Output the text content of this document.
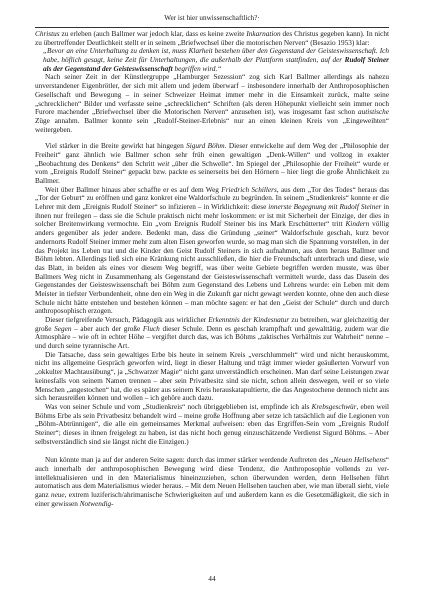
Wer ist hier unwissenschaftlich?·

Christus zu erleben (auch Ballmer war jedoch klar, dass es keine zweite Inkarnation des Christus gegeben kann). In nicht zu übertreffender Deutlichkeit stellt er in seinem „Briefwechsel über die motorischen Nerven“ (Besazio 1953) klar:

„Bevor an eine Unterhaltung zu denken ist, muss Klarheit bestehen über den Gegenstand der Geisteswissenschaft. Ich habe, höflich gesagt, keine Zeit für Unterhaltungen, die außerhalb der Plattform stattfinden, auf der Rudolf Steiner als der Gegenstand der Geisteswissenschaft begriffen wird.“

Nach seiner Zeit in der Künstlergruppe „Hamburger Sezession“ zog sich Karl Ballmer allerdings als nahezu unverstandener Eigenbrötler, der sich mit allem und jedem überwarf – insbesondere innerhalb der Anthroposophischen Gesellschaft und Bewegung – in seiner Schweizer Heimat immer mehr in die Einsamkeit zurück, malte seine „schrecklichen“ Bilder und verfasste seine „schrecklichen“ Schriften (als deren Höhepunkt vielleicht sein immer noch Furore machender „Briefwechsel über die Motorischen Nerven“ anzusehen ist), was insgesamt fast schon autistische Züge annahm. Ballmer konnte sein „Rudolf-Steiner-Erlebnis“ nur an einen kleinen Kreis von „Eingeweihten“ weitergeben.

Viel stärker in die Breite gewirkt hat hingegen Sigurd Böhm. Dieser entwickelte auf dem Weg der „Philosophie der Freiheit“ ganz ähnlich wie Ballmer schon sehr früh einen gewaltigen „Denk-Willen“ und vollzog in exakter „Beobachtung des Denkens“ den Schritt weit „über die Schwelle“. Im Spiegel der „Philosophie der Freiheit“ wurde er vom „Ereignis Rudolf Steiner“ gepackt bzw. packte es seinerseits bei den Hörnern – hier liegt die große Ähnlichkeit zu Ballmer.

Weit über Ballmer hinaus aber schaffte er es auf dem Weg Friedrich Schillers, aus dem „Tor des Todes“ heraus das „Tor der Geburt“ zu eröffnen und ganz konkret eine Waldorfschule zu begründen. In seinem „Studienkreis“ konnte er die Lehrer mit dem „Ereignis Rudolf Steiner“ so infizieren – in Wirklichkeit: diese innerste Begegnung mit Rudolf Steiner in ihnen nur freilegen – dass sie die Schule praktisch nicht mehr loskommen: er ist mit Sicherheit der Einzige, der dies in solcher Breitenwirkung vermochte. Ein „vom Ereignis Rudolf Steiner bis ins Mark Erschütterter“ tritt Kindern völlig anders gegenüber als jeder andere. Bedenkt man, dass die Gründung „seiner“ Waldorfschule geschah, kurz bevor andernorts Rudolf Steiner immer mehr zum alten Eisen geworfen wurde, so mag man sich die Spannung vorstellen, in der das Projekt ins Leben trat und die Kinder den Geist Rudolf Steiners in sich aufnahmen, aus dem heraus Ballmer und Böhm lebten. Allerdings ließ sich eine Kränkung nicht ausschließen, die hier die Freundschaft unterbrach und diese, wie das Blatt, in beiden als eines vor diesem Weg begriff, was über weite Gebiete begriffen werden musste, was über Ballmers Weg nicht in Zusammenhang als Gegenstand der Geisteswissenschaft vermittelt wurde, dass das Dasein des Gegenstandes der Geisteswissenschaft bei Böhm zum Gegenstand des Lebens und Lehrens wurde: ein Leben mit dem Meister in tiefster Verbundenheit, ohne den ein Weg in die Zukunft gar nicht gewagt werden konnte, ohne den auch diese Schule nicht hätte entstehen und bestehen können – man möchte sagen: er hat den „Geist der Schule“ durch und durch anthroposophisch erzogen.

Dieser tiefgreifende Versuch, Pädagogik aus wirklicher Erkenntnis der Kindesnatur zu betreiben, war gleichzeitig der große Segen – aber auch der große Fluch dieser Schule. Denn es geschah krampfhaft und gewalttätig, zudem war die Atmosphäre – wie oft in echter Höhe – vergiftet durch das, was ich Böhms „taktisches Verhältnis zur Wahrheit“ nenne – und durch seine tyrannische Art.

Die Tatsache, dass sein gewaltiges Erbe bis heute in seinem Kreis „verschlummelt“ wird und nicht herauskommt, nicht ins allgemeine Gespräch geworfen wird, liegt in dieser Haltung und trägt immer wieder geäußerten Vorwurf von „okkulter Machtausübung“, ja „Schwarzer Magie“ nicht ganz unverständlich erscheinen. Man darf seine Leistungen zwar keinesfalls von seinem Namen trennen – aber sein Privatbesitz sind sie nicht, schon allein deswegen, weil er so viele Menschen „angestochen“ hat, die es später aus seinem Kreis herauskatapultierte, die das Angestochene dennoch nicht aus sich herausreißen können und wollen – ich gehöre auch dazu.

Was von seiner Schule und vom „Studienkreis“ noch übriggeblieben ist, empfinde ich als Krebsgeschwür, eben weil Böhms Erbe als sein Privatbesitz behandelt wird – meine große Hoffnung aber setze ich tatsächlich auf die Legionen von „Böhm-Abtrünnigen“, die alle ein gemeinsames Merkmal aufweisen: eben das Ergriffen-Sein vom „Ereignis Rudolf Steiner“; dieses in ihnen freigelegt zu haben, ist das nicht hoch genug einzuschätzende Verdienst Sigurd Böhms. – Aber selbstverständlich sind sie längst nicht die Einzigen.)

Nun könnte man ja auf der anderen Seite sagen: durch das immer stärker werdende Auftreten des „Neuen Hellsehens“ auch innerhalb der anthroposophischen Bewegung wird diese Tendenz, die Anthroposophie vollends zu ver-intellektualisieren und in den Materialismus hineinzuziehen, schon überwunden werden, denn Hellsehen führt automatisch aus dem Materialismus wieder heraus. – Mit dem Neuen Hellsehen tauchen aber, wie man überall sieht, viele ganz neue, extrem luziferisch/ahrimanische Schwierigkeiten auf und außerdem kann es die Gesetzmäßigkeit, die sich in einer gewissen Notwendig-

44
